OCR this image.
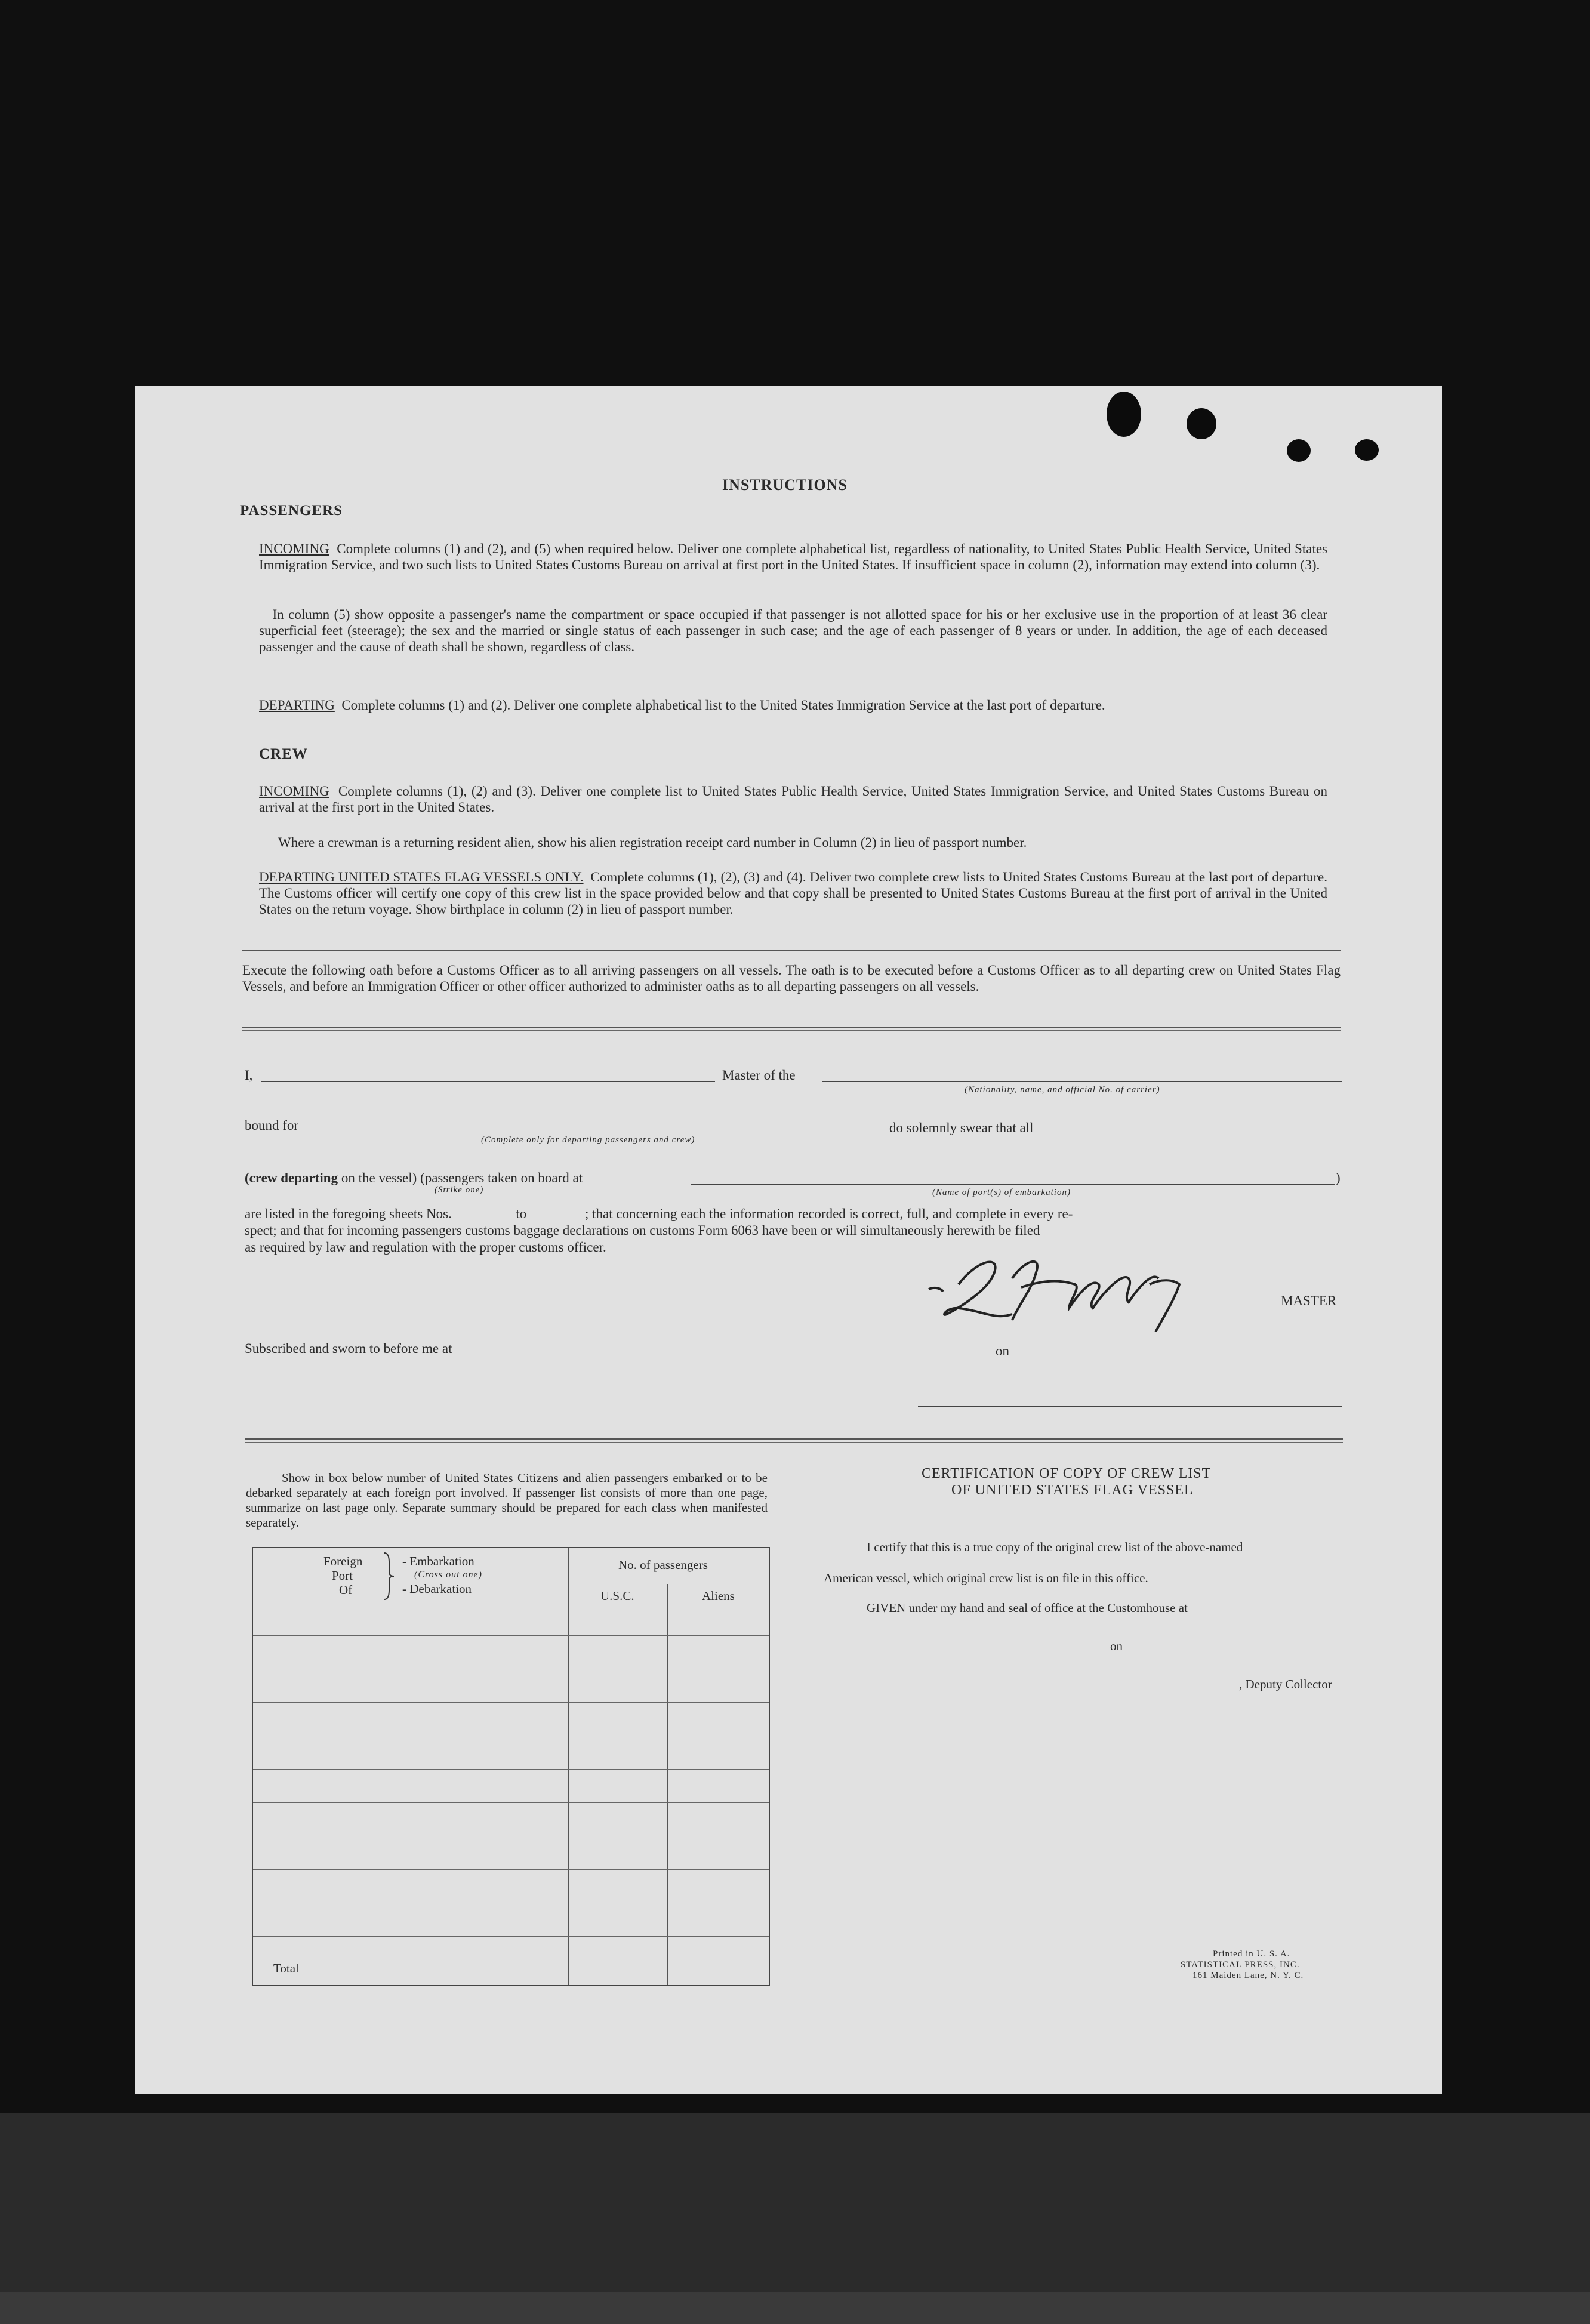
INSTRUCTIONS
PASSENGERS
INCOMING Complete columns (1) and (2), and (5) when required below. Deliver one complete alphabetical list, regardless of nationality, to United States Public Health Service, United States Immigration Service, and two such lists to United States Customs Bureau on arrival at first port in the United States. If insufficient space in column (2), information may extend into column (3).
In column (5) show opposite a passenger's name the compartment or space occupied if that passenger is not allotted space for his or her exclusive use in the proportion of at least 36 clear superficial feet (steerage); the sex and the married or single status of each passenger in such case; and the age of each passenger of 8 years or under. In addition, the age of each deceased passenger and the cause of death shall be shown, regardless of class.
DEPARTING Complete columns (1) and (2). Deliver one complete alphabetical list to the United States Immigration Service at the last port of departure.
CREW
INCOMING Complete columns (1), (2) and (3). Deliver one complete list to United States Public Health Service, United States Immigration Service, and United States Customs Bureau on arrival at the first port in the United States.
Where a crewman is a returning resident alien, show his alien registration receipt card number in Column (2) in lieu of passport number.
DEPARTING UNITED STATES FLAG VESSELS ONLY. Complete columns (1), (2), (3) and (4). Deliver two complete crew lists to United States Customs Bureau at the last port of departure. The Customs officer will certify one copy of this crew list in the space provided below and that copy shall be presented to United States Customs Bureau at the first port of arrival in the United States on the return voyage. Show birthplace in column (2) in lieu of passport number.
Execute the following oath before a Customs Officer as to all arriving passengers on all vessels. The oath is to be executed before a Customs Officer as to all departing crew on United States Flag Vessels, and before an Immigration Officer or other officer authorized to administer oaths as to all departing passengers on all vessels.
I,	Master of the
(Nationality, name, and official No. of carrier)
bound for
(Complete only for departing passengers and crew)
do solemnly swear that all
(crew departing on the vessel) (passengers taken on board at	)
(Strike one)	(Name of port(s) of embarkation)
are listed in the foregoing sheets Nos.	to	; that concerning each the information recorded is correct, full, and complete in every re-
spect; and that for incoming passengers customs baggage declarations on customs Form 6063 have been or will simultaneously herewith be filed
as required by law and regulation with the proper customs officer.
MASTER
Subscribed and sworn to before me at	on
Show in box below number of United States Citizens and alien passengers embarked or to be debarked separately at each foreign port involved. If passenger list consists of more than one page, summarize on last page only. Separate summary should be prepared for each class when manifested separately.
Foreign
Port
Of
- Embarkation
(Cross out one)
- Debarkation
No. of passengers
U.S.C.	Aliens
Total
CERTIFICATION OF COPY OF CREW LIST
OF UNITED STATES FLAG VESSEL
I certify that this is a true copy of the original crew list of the above-named
American vessel, which original crew list is on file in this office.
GIVEN under my hand and seal of office at the Customhouse at
on
, Deputy Collector
Printed in U. S. A.
STATISTICAL PRESS, INC.
161 Maiden Lane, N. Y. C.
